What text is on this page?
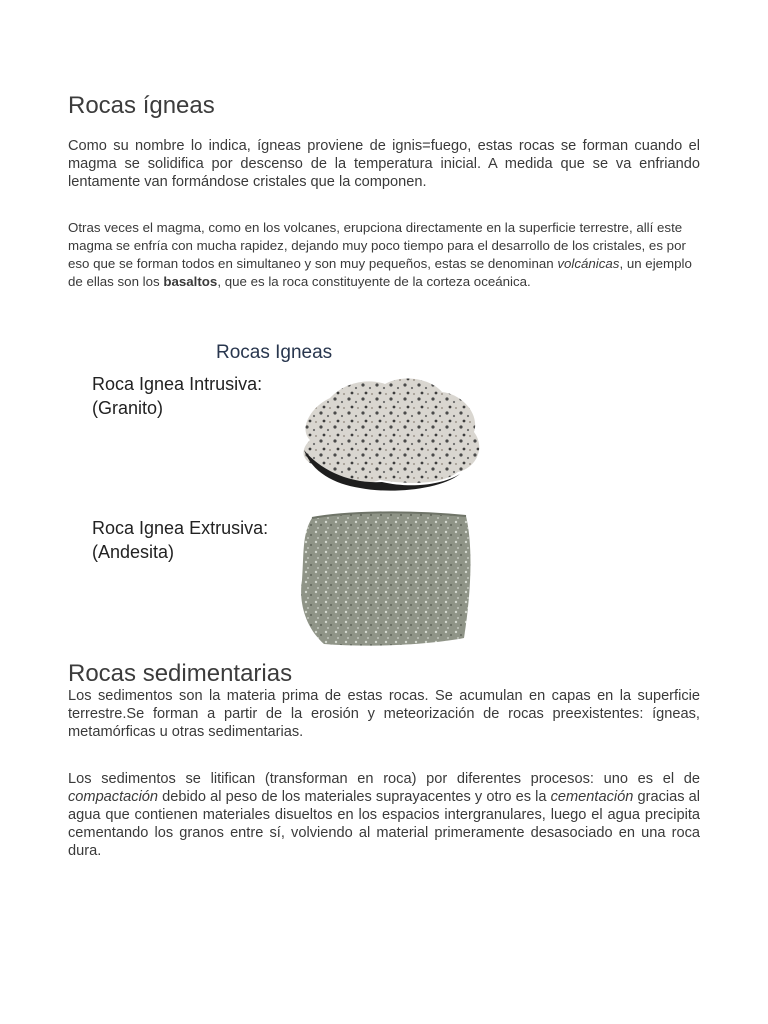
Rocas ígneas

Como su nombre lo indica, ígneas proviene de ignis=fuego, estas rocas se forman cuando el magma se solidifica por descenso de la temperatura inicial. A medida que se va enfriando lentamente van formándose cristales que la componen.

Otras veces el magma, como en los volcanes, erupciona directamente en la superficie terrestre, allí este magma se enfría con mucha rapidez, dejando muy poco tiempo para el desarrollo de los cristales, es por eso que se forman todos en simultaneo y son muy pequeños, estas se denominan volcánicas, un ejemplo de ellas son los basaltos, que es la roca constituyente de la corteza oceánica.

Rocas Igneas
Roca Ignea Intrusiva:
(Granito)
Roca Ignea Extrusiva:
(Andesita)
Rocas sedimentarias

Los sedimentos son la materia prima de estas rocas. Se acumulan en capas en la superficie terrestre.Se forman a partir de la erosión y meteorización de rocas preexistentes: ígneas, metamórficas u otras sedimentarias.

Los sedimentos se litifican (transforman en roca) por diferentes procesos: uno es el de compactación debido al peso de los materiales suprayacentes y otro es la cementación gracias al agua que contienen materiales disueltos en los espacios intergranulares, luego el agua precipita cementando los granos entre sí, volviendo al material primeramente desasociado en una roca dura.
